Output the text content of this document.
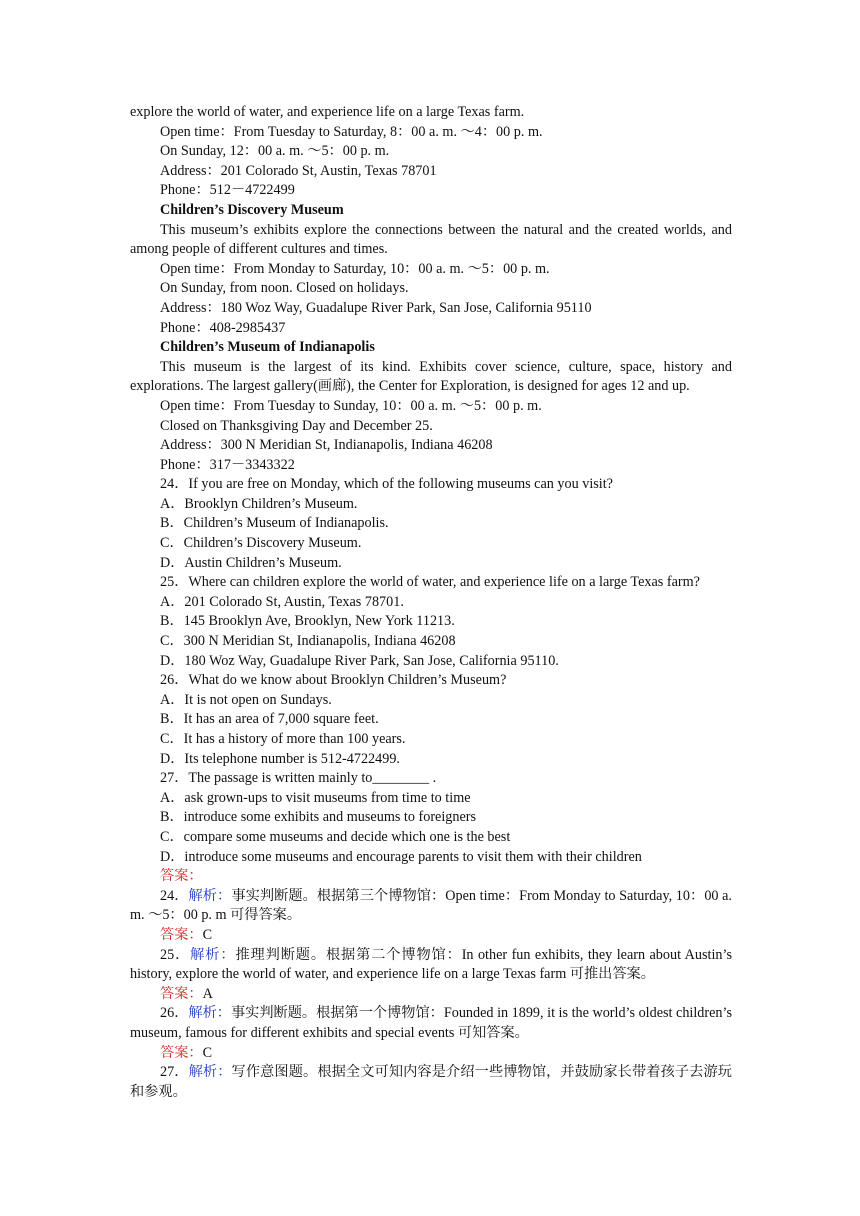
explore the world of water, and experience life on a large Texas farm.

Open time：From Tuesday to Saturday, 8：00 a. m. ～4：00 p. m.

On Sunday, 12：00 a. m. ～5：00 p. m.

Address：201 Colorado St, Austin, Texas 78701

Phone：512－4722499

Children’s Discovery Museum

This museum’s exhibits explore the connections between the natural and the created worlds, and among people of different cultures and times.

Open time：From Monday to Saturday, 10：00 a. m. ～5：00 p. m.

On Sunday, from noon. Closed on holidays.

Address：180 Woz Way, Guadalupe River Park, San Jose, California 95110

Phone：408-2985437

Children’s Museum of Indianapolis

This museum is the largest of its kind. Exhibits cover science, culture, space, history and explorations. The largest gallery(画廊), the Center for Exploration, is designed for ages 12 and up.

Open time：From Tuesday to Sunday, 10：00 a. m. ～5：00 p. m.

Closed on Thanksgiving Day and December 25.

Address：300 N Meridian St, Indianapolis, Indiana 46208

Phone：317－3343322

24．If you are free on Monday, which of the following museums can you visit?

A．Brooklyn Children’s Museum.

B．Children’s Museum of Indianapolis.

C．Children’s Discovery Museum.

D．Austin Children’s Museum.

25．Where can children explore the world of water, and experience life on a large Texas farm?

A．201 Colorado St, Austin, Texas 78701.

B．145 Brooklyn Ave, Brooklyn, New York 11213.

C．300 N Meridian St, Indianapolis, Indiana 46208

D．180 Woz Way, Guadalupe River Park, San Jose, California 95110.

26．What do we know about Brooklyn Children’s Museum?

A．It is not open on Sundays.

B．It has an area of 7,000 square feet.

C．It has a history of more than 100 years.

D．Its telephone number is 512-4722499.

27．The passage is written mainly to________ .

A．ask grown-ups to visit museums from time to time

B．introduce some exhibits and museums to foreigners

C．compare some museums and decide which one is the best

D．introduce some museums and encourage parents to visit them with their children

答案：

24．解析：事实判断题。根据第三个博物馆：Open time：From Monday to Saturday, 10：00 a. m. ～5：00 p. m 可得答案。

答案：C

25．解析：推理判断题。根据第二个博物馆：In other fun exhibits, they learn about Austin’s history, explore the world of water, and experience life on a large Texas farm 可推出答案。

答案：A

26．解析：事实判断题。根据第一个博物馆：Founded in 1899, it is the world’s oldest children’s museum, famous for different exhibits and special events 可知答案。

答案：C

27．解析：写作意图题。根据全文可知内容是介绍一些博物馆，并鼓励家长带着孩子去游玩和参观。
